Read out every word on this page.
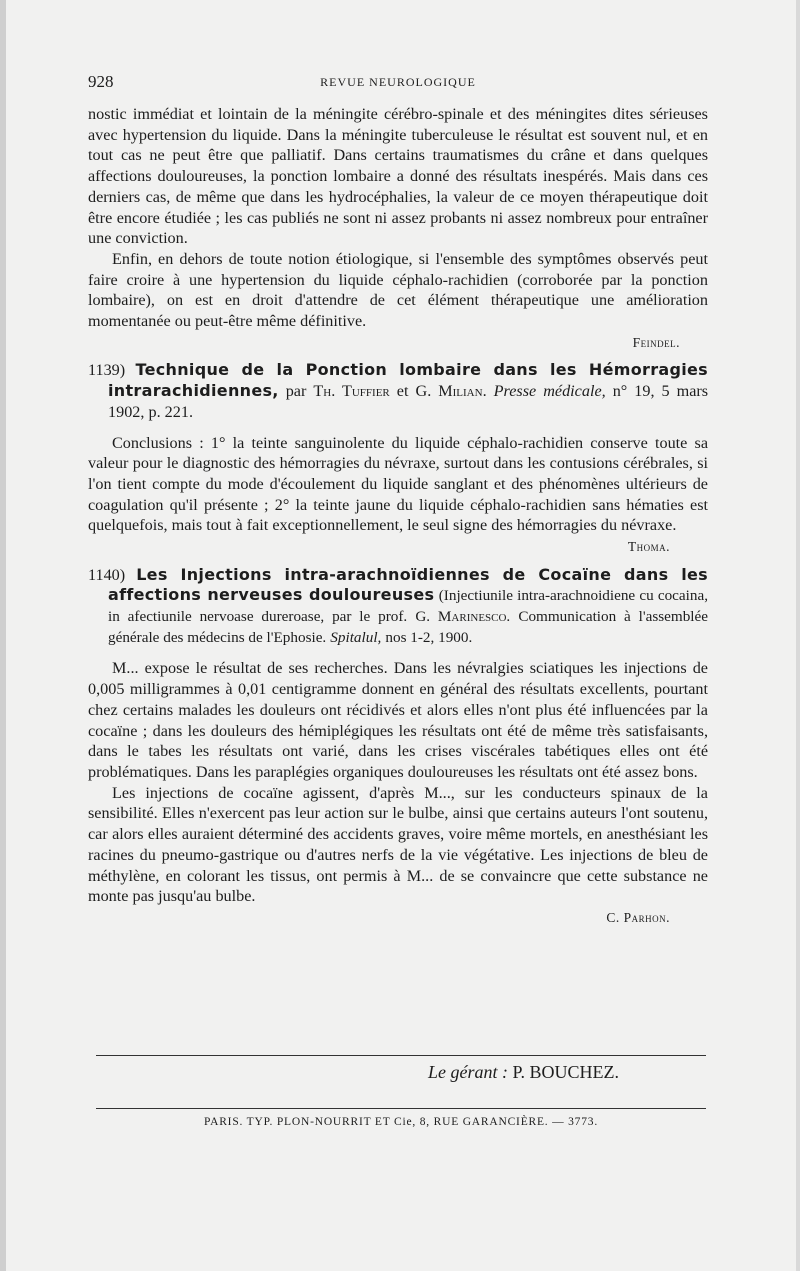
928	REVUE NEUROLOGIQUE

nostic immédiat et lointain de la méningite cérébro-spinale et des méningites dites sérieuses avec hypertension du liquide. Dans la méningite tuberculeuse le résultat est souvent nul, et en tout cas ne peut être que palliatif. Dans certains traumatismes du crâne et dans quelques affections douloureuses, la ponction lombaire a donné des résultats inespérés. Mais dans ces derniers cas, de même que dans les hydrocéphalies, la valeur de ce moyen thérapeutique doit être encore étudiée ; les cas publiés ne sont ni assez probants ni assez nombreux pour entraîner une conviction.

Enfin, en dehors de toute notion étiologique, si l'ensemble des symptômes observés peut faire croire à une hypertension du liquide céphalo-rachidien (corroborée par la ponction lombaire), on est en droit d'attendre de cet élément thérapeutique une amélioration momentanée ou peut-être même définitive.

Feindel.

1139) Technique de la Ponction lombaire dans les Hémorragies intrarachidiennes, par Th. Tuffier et G. Milian. Presse médicale, n° 19, 5 mars 1902, p. 221.

Conclusions : 1° la teinte sanguinolente du liquide céphalo-rachidien conserve toute sa valeur pour le diagnostic des hémorragies du névraxe, surtout dans les contusions cérébrales, si l'on tient compte du mode d'écoulement du liquide sanglant et des phénomènes ultérieurs de coagulation qu'il présente ; 2° la teinte jaune du liquide céphalo-rachidien sans hématies est quelquefois, mais tout à fait exceptionnellement, le seul signe des hémorragies du névraxe.

Thoma.

1140) Les Injections intra-arachnoïdiennes de Cocaïne dans les affections nerveuses douloureuses (Injectiunile intra-arachnoidiene cu cocaina, in afectiunile nervoase dureroase, par le prof. G. Marinesco. Communication à l'assemblée générale des médecins de l'Ephosie. Spitalul, nos 1-2, 1900.

M... expose le résultat de ses recherches. Dans les névralgies sciatiques les injections de 0,005 milligrammes à 0,01 centigramme donnent en général des résultats excellents, pourtant chez certains malades les douleurs ont récidivés et alors elles n'ont plus été influencées par la cocaïne ; dans les douleurs des hémiplégiques les résultats ont été de même très satisfaisants, dans le tabes les résultats ont varié, dans les crises viscérales tabétiques elles ont été problématiques. Dans les paraplégies organiques douloureuses les résultats ont été assez bons.

Les injections de cocaïne agissent, d'après M..., sur les conducteurs spinaux de la sensibilité. Elles n'exercent pas leur action sur le bulbe, ainsi que certains auteurs l'ont soutenu, car alors elles auraient déterminé des accidents graves, voire même mortels, en anesthésiant les racines du pneumo-gastrique ou d'autres nerfs de la vie végétative. Les injections de bleu de méthylène, en colorant les tissus, ont permis à M... de se convaincre que cette substance ne monte pas jusqu'au bulbe.

C. Parhon.

Le gérant : P. BOUCHEZ.
PARIS. TYP. PLON-NOURRIT ET Cie, 8, RUE GARANCIÈRE. — 3773.
